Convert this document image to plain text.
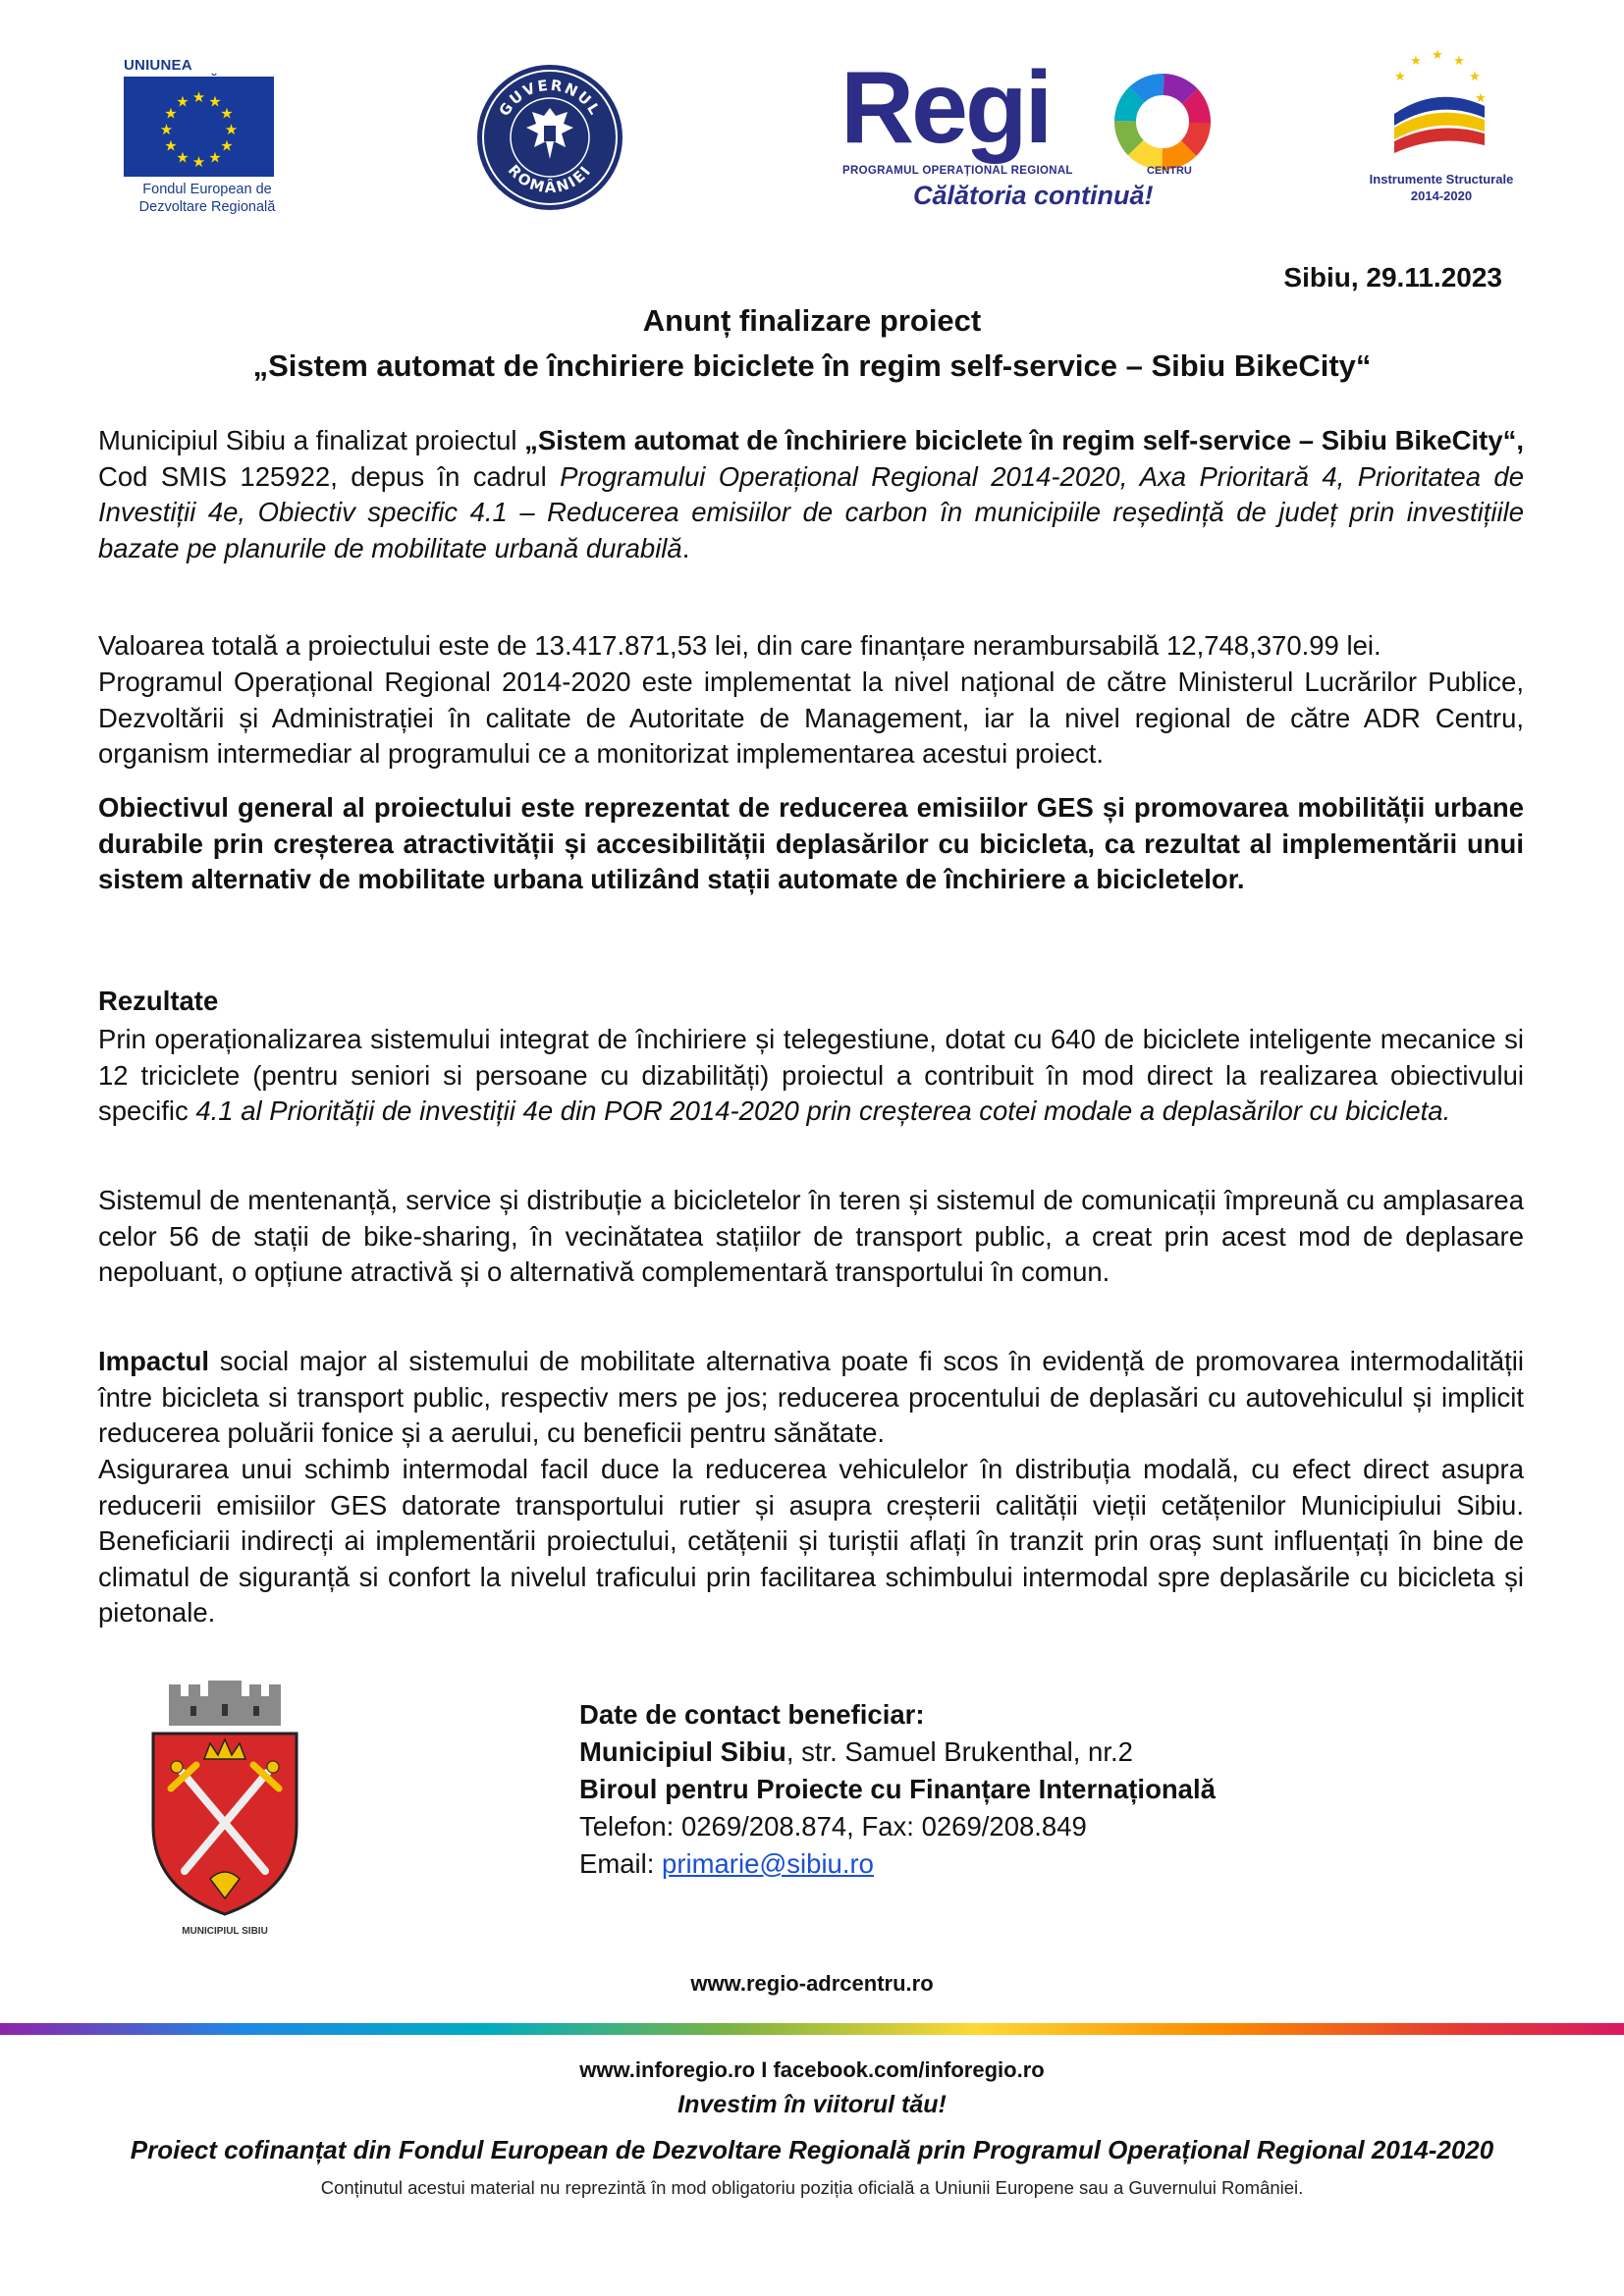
UNIUNEA
★ ★
★
★
★
★
★
★
★
★
★
★
Fondul European de
Dezvoltare Regională
GUVERNUL
ROMÂNIEI
Regi
PROGRAMUL OPERAȚIONAL REGIONAL	CENTRU
Călătoria continuă!
★ ★
★
★
★
★
Instrumente Structurale
2014-2020
Sibiu, 29.11.2023
Anunț finalizare proiect
„Sistem automat de închiriere biciclete în regim self-service – Sibiu BikeCity“

Municipiul Sibiu a finalizat proiectul „Sistem automat de închiriere biciclete în regim self-service – Sibiu BikeCity“, Cod SMIS 125922, depus în cadrul Programului Operațional Regional 2014-2020, Axa Prioritară 4, Prioritatea de Investiții 4e, Obiectiv specific 4.1 – Reducerea emisiilor de carbon în municipiile reședință de județ prin investițiile bazate pe planurile de mobilitate urbană durabilă.

Valoarea totală a proiectului este de 13.417.871,53 lei, din care finanțare nerambursabilă 12,748,370.99 lei.

Programul Operațional Regional 2014-2020 este implementat la nivel național de către Ministerul Lucrărilor Publice, Dezvoltării și Administrației în calitate de Autoritate de Management, iar la nivel regional de către ADR Centru, organism intermediar al programului ce a monitorizat implementarea acestui proiect.

Obiectivul general al proiectului este reprezentat de reducerea emisiilor GES și promovarea mobilității urbane durabile prin creșterea atractivității și accesibilității deplasărilor cu bicicleta, ca rezultat al implementării unui sistem alternativ de mobilitate urbana utilizând stații automate de închiriere a bicicletelor.

Rezultate

Prin operaționalizarea sistemului integrat de închiriere și telegestiune, dotat cu 640 de biciclete inteligente mecanice si 12 triciclete (pentru seniori si persoane cu dizabilități) proiectul a contribuit în mod direct la realizarea obiectivului specific 4.1 al Priorității de investiții 4e din POR 2014-2020 prin creșterea cotei modale a deplasărilor cu bicicleta.

Sistemul de mentenanță, service și distribuție a bicicletelor în teren și sistemul de comunicații împreună cu amplasarea celor 56 de stații de bike-sharing, în vecinătatea stațiilor de transport public, a creat prin acest mod de deplasare nepoluant, o opțiune atractivă și o alternativă complementară transportului în comun.

Impactul social major al sistemului de mobilitate alternativa poate fi scos în evidență de promovarea intermodalității între bicicleta si transport public, respectiv mers pe jos; reducerea procentului de deplasări cu autovehiculul și implicit reducerea poluării fonice și a aerului, cu beneficii pentru sănătate.

Asigurarea unui schimb intermodal facil duce la reducerea vehiculelor în distribuția modală, cu efect direct asupra reducerii emisiilor GES datorate transportului rutier și asupra creșterii calității vieții cetățenilor Municipiului Sibiu. Beneficiarii indirecți ai implementării proiectului, cetățenii și turiștii aflați în tranzit prin oraș sunt influențați în bine de climatul de siguranță si confort la nivelul traficului prin facilitarea schimbului intermodal spre deplasările cu bicicleta și pietonale.

MUNICIPIUL SIBIU
Date de contact beneficiar:
Municipiul Sibiu, str. Samuel Brukenthal, nr.2
Biroul pentru Proiecte cu Finanțare Internațională
Telefon: 0269/208.874, Fax: 0269/208.849
Email: primarie@sibiu.ro
www.regio-adrcentru.ro
www.inforegio.ro I facebook.com/inforegio.ro
Investim în viitorul tău!
Proiect cofinanțat din Fondul European de Dezvoltare Regională prin Programul Operațional Regional 2014-2020
Conținutul acestui material nu reprezintă în mod obligatoriu poziția oficială a Uniunii Europene sau a Guvernului României.
